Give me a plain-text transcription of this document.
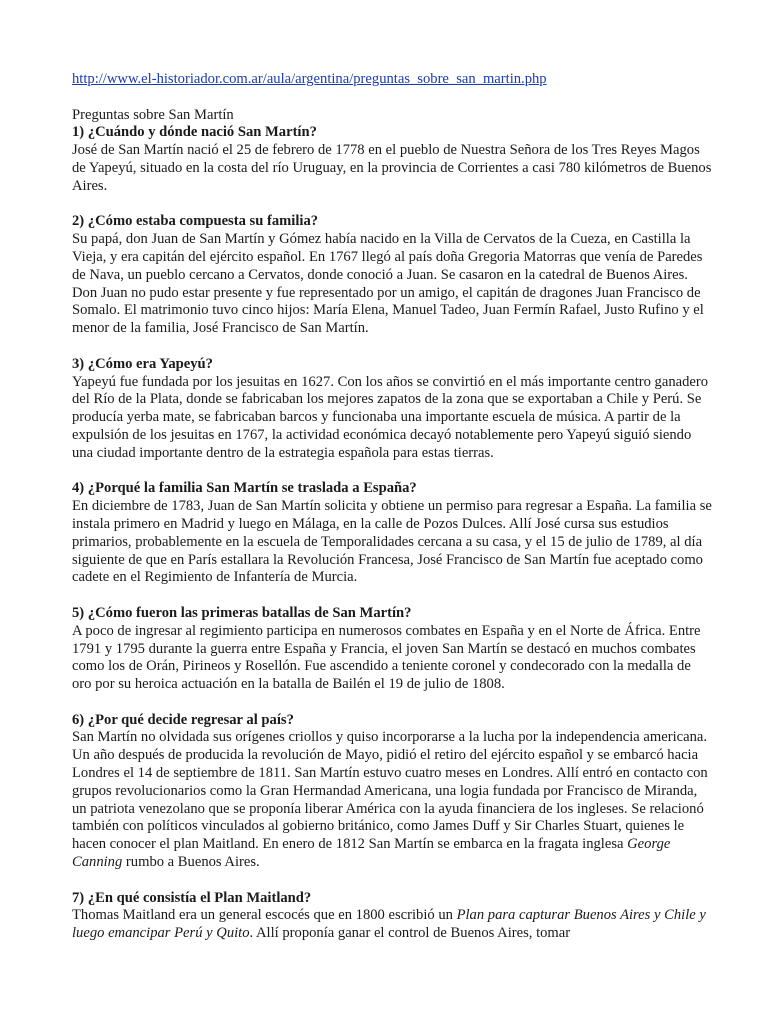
http://www.el-historiador.com.ar/aula/argentina/preguntas_sobre_san_martin.php
Preguntas sobre San Martín
1) ¿Cuándo y dónde nació San Martín?

José de San Martín nació el 25 de febrero de 1778 en el pueblo de Nuestra Señora de los Tres Reyes Magos de Yapeyú, situado en la costa del río Uruguay, en la provincia de Corrientes a casi 780 kilómetros de Buenos Aires.

2) ¿Cómo estaba compuesta su familia?

Su papá, don Juan de San Martín y Gómez había nacido en la Villa de Cervatos de la Cueza, en Castilla la Vieja, y era capitán del ejército español. En 1767 llegó al país doña Gregoria Matorras que venía de Paredes de Nava, un pueblo cercano a Cervatos, donde conoció a Juan. Se casaron en la catedral de Buenos Aires. Don Juan no pudo estar presente y fue representado por un amigo, el capitán de dragones Juan Francisco de Somalo. El matrimonio tuvo cinco hijos: María Elena, Manuel Tadeo, Juan Fermín Rafael, Justo Rufino y el menor de la familia, José Francisco de San Martín.

3) ¿Cómo era Yapeyú?

Yapeyú fue fundada por los jesuitas en 1627. Con los años se convirtió en el más importante centro ganadero del Río de la Plata, donde se fabricaban los mejores zapatos de la zona que se exportaban a Chile y Perú. Se producía yerba mate, se fabricaban barcos y funcionaba una importante escuela de música. A partir de la expulsión de los jesuitas en 1767, la actividad económica decayó notablemente pero Yapeyú siguió siendo una ciudad importante dentro de la estrategia española para estas tierras.

4) ¿Porqué la familia San Martín se traslada a España?

En diciembre de 1783, Juan de San Martín solicita y obtiene un permiso para regresar a España. La familia se instala primero en Madrid y luego en Málaga, en la calle de Pozos Dulces. Allí José cursa sus estudios primarios, probablemente en la escuela de Temporalidades cercana a su casa, y el 15 de julio de 1789, al día siguiente de que en París estallara la Revolución Francesa, José Francisco de San Martín fue aceptado como cadete en el Regimiento de Infantería de Murcia.

5) ¿Cómo fueron las primeras batallas de San Martín?

A poco de ingresar al regimiento participa en numerosos combates en España y en el Norte de África. Entre 1791 y 1795 durante la guerra entre España y Francia, el joven San Martín se destacó en muchos combates como los de Orán, Pirineos y Rosellón. Fue ascendido a teniente coronel y condecorado con la medalla de oro por su heroica actuación en la batalla de Bailén el 19 de julio de 1808.

6) ¿Por qué decide regresar al país?

San Martín no olvidada sus orígenes criollos y quiso incorporarse a la lucha por la independencia americana. Un año después de producida la revolución de Mayo, pidió el retiro del ejército español y se embarcó hacia Londres el 14 de septiembre de 1811. San Martín estuvo cuatro meses en Londres. Allí entró en contacto con grupos revolucionarios como la Gran Hermandad Americana, una logia fundada por Francisco de Miranda, un patriota venezolano que se proponía liberar América con la ayuda financiera de los ingleses. Se relacionó también con políticos vinculados al gobierno británico, como James Duff y Sir Charles Stuart, quienes le hacen conocer el plan Maitland. En enero de 1812 San Martín se embarca en la fragata inglesa George Canning rumbo a Buenos Aires.

7) ¿En qué consistía el Plan Maitland?

Thomas Maitland era un general escocés que en 1800 escribió un Plan para capturar Buenos Aires y Chile y luego emancipar Perú y Quito. Allí proponía ganar el control de Buenos Aires, tomar
